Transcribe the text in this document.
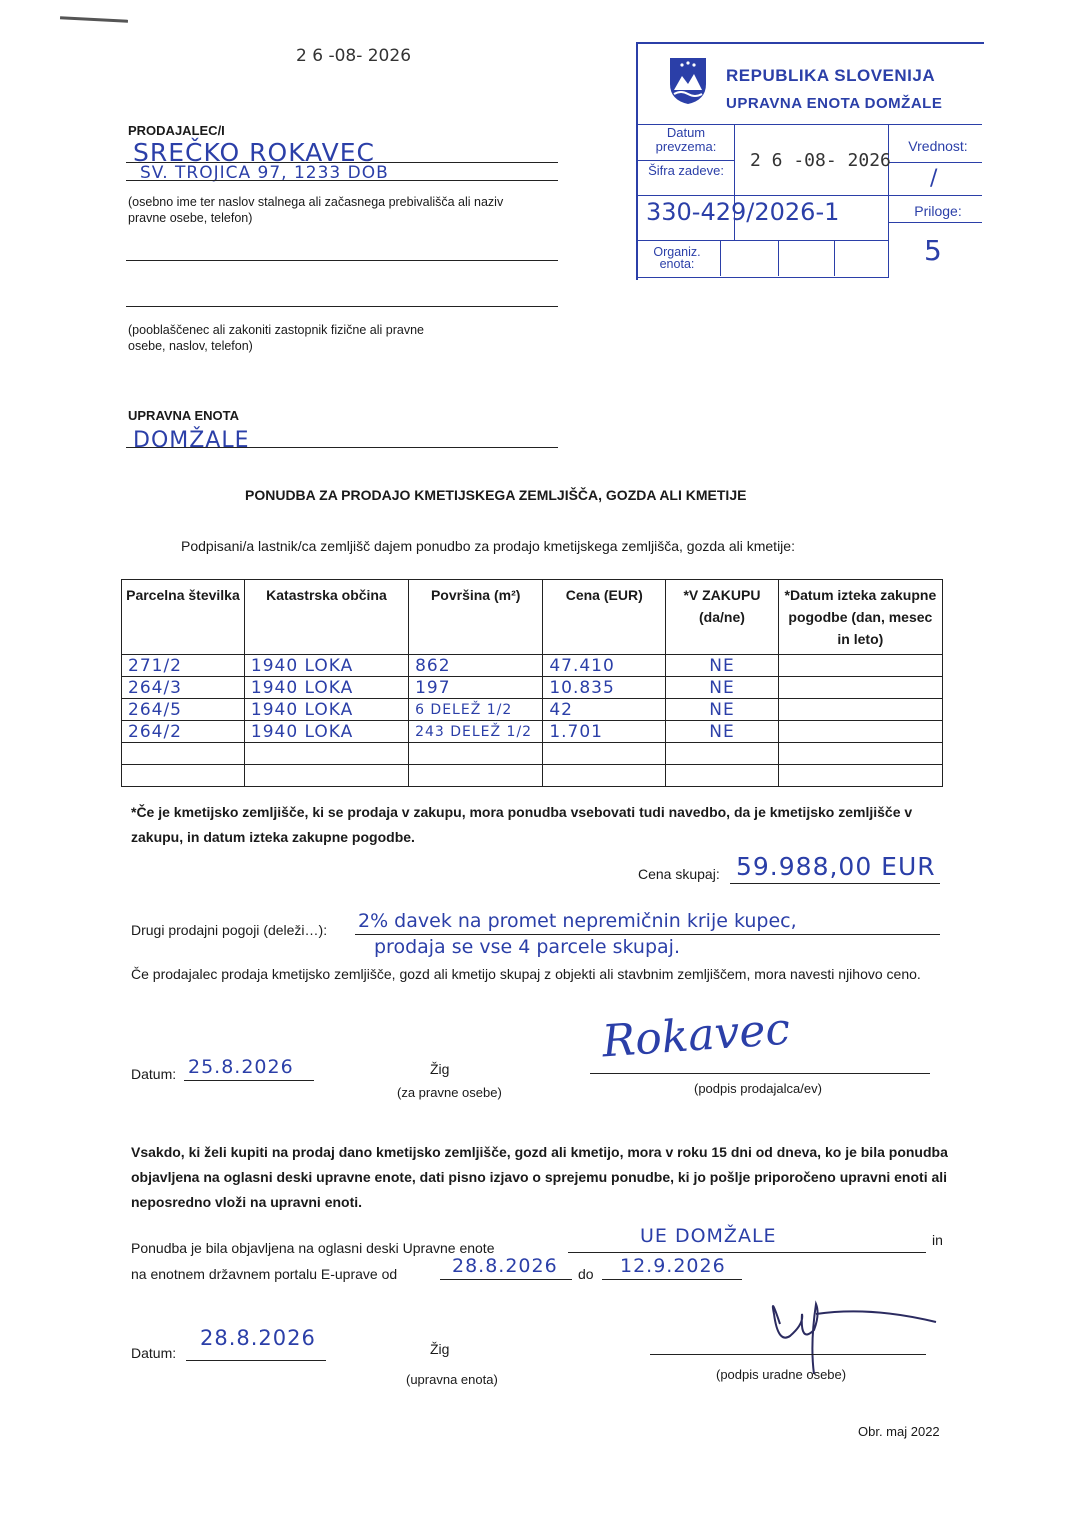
2 6 -08- 2026
PRODAJALEC/I
SREČKO ROKAVEC
SV. TROJICA 97, 1233 DOB
(osebno ime ter naslov stalnega ali začasnega prebivališča ali naziv pravne osebe, telefon)
(pooblaščenec ali zakoniti zastopnik fizične ali pravne osebe, naslov, telefon)
UPRAVNA ENOTA
DOMŽALE
REPUBLIKA SLOVENIJA
UPRAVNA ENOTA DOMŽALE
Datum prevzema:
2 6 -08- 2026
Vrednost:
/
Šifra zadeve:
330-429/2026-1	Priloge:
5
Organiz. enota:
PONUDBA ZA PRODAJO KMETIJSKEGA ZEMLJIŠČA, GOZDA ALI KMETIJE
Podpisani/a lastnik/ca zemljišč dajem ponudbo za prodajo kmetijskega zemljišča, gozda ali kmetije:
Parcelna številka	Katastrska občina	Površina (m²)	Cena (EUR)	*V ZAKUPU (da/ne)	*Datum izteka zakupne pogodbe (dan, mesec in leto)
271/2	1940 LOKA	862	47.410	NE	
264/3	1940 LOKA	197	10.835	NE	
264/5	1940 LOKA	6 DELEŽ 1/2	42	NE	
264/2	1940 LOKA	243 DELEŽ 1/2	1.701	NE	

*Če je kmetijsko zemljišče, ki se prodaja v zakupu, mora ponudba vsebovati tudi navedbo, da je kmetijsko zemljišče v zakupu, in datum izteka zakupne pogodbe.
Cena skupaj: 59.988,00 EUR
Drugi prodajni pogoji (deleži…): 2% davek na promet nepremičnin krije kupec,
prodaja se vse 4 parcele skupaj.
Če prodajalec prodaja kmetijsko zemljišče, gozd ali kmetijo skupaj z objekti ali stavbnim zemljiščem, mora navesti njihovo ceno.
Datum: 25.8.2026	Žig
(za pravne osebe)
Rokavec
(podpis prodajalca/ev)
Vsakdo, ki želi kupiti na prodaj dano kmetijsko zemljišče, gozd ali kmetijo, mora v roku 15 dni od dneva, ko je bila ponudba objavljena na oglasni deski upravne enote, dati pisno izjavo o sprejemu ponudbe, ki jo pošlje priporočeno upravni enoti ali neposredno vloži na upravni enoti.
Ponudba je bila objavljena na oglasni deski Upravne enote
UE DOMŽALE	in
na enotnem državnem portalu E-uprave od	28.8.2026 do 12.9.2026
Datum:
28.8.2026	Žig
(upravna enota)	(podpis uradne osebe)
Obr. maj 2022
